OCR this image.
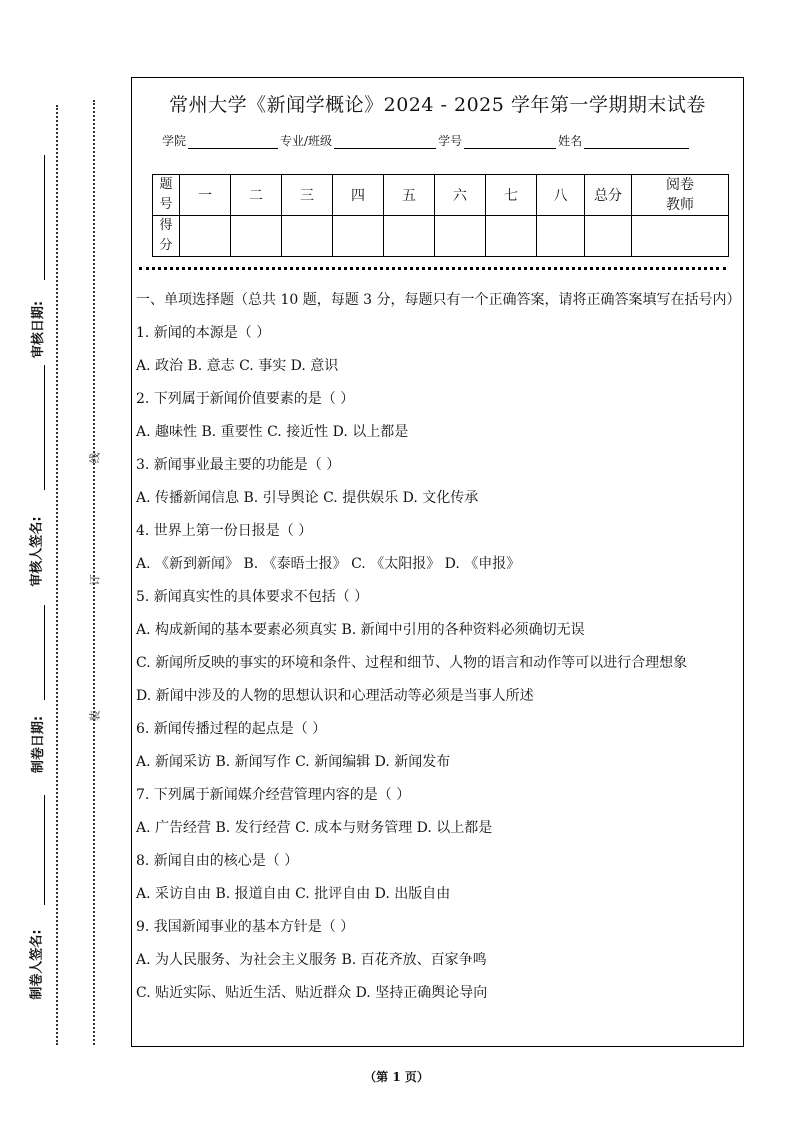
审核日期:
审核人签名:
制卷日期:
制卷人签名:
线
订
装
常州大学《新闻学概论》2024 - 2025 学年第一学期期末试卷
学院	专业/班级	学号	姓名
题
号	一	二	三	四	五	六	七	八	总分	阅卷
教师
得
分										

一、单项选择题（总共 10 题，每题 3 分，每题只有一个正确答案，请将正确答案填写在括号内）

1. 新闻的本源是（ ）

A. 政治 B. 意志 C. 事实 D. 意识

2. 下列属于新闻价值要素的是（ ）

A. 趣味性 B. 重要性 C. 接近性 D. 以上都是

3. 新闻事业最主要的功能是（ ）

A. 传播新闻信息 B. 引导舆论 C. 提供娱乐 D. 文化传承

4. 世界上第一份日报是（ ）

A. 《新到新闻》 B. 《泰晤士报》 C. 《太阳报》 D. 《申报》

5. 新闻真实性的具体要求不包括（ ）

A. 构成新闻的基本要素必须真实 B. 新闻中引用的各种资料必须确切无误

C. 新闻所反映的事实的环境和条件、过程和细节、人物的语言和动作等可以进行合理想象

D. 新闻中涉及的人物的思想认识和心理活动等必须是当事人所述

6. 新闻传播过程的起点是（ ）

A. 新闻采访 B. 新闻写作 C. 新闻编辑 D. 新闻发布

7. 下列属于新闻媒介经营管理内容的是（ ）

A. 广告经营 B. 发行经营 C. 成本与财务管理 D. 以上都是

8. 新闻自由的核心是（ ）

A. 采访自由 B. 报道自由 C. 批评自由 D. 出版自由

9. 我国新闻事业的基本方针是（ ）

A. 为人民服务、为社会主义服务 B. 百花齐放、百家争鸣

C. 贴近实际、贴近生活、贴近群众 D. 坚持正确舆论导向

（第 1 页）
